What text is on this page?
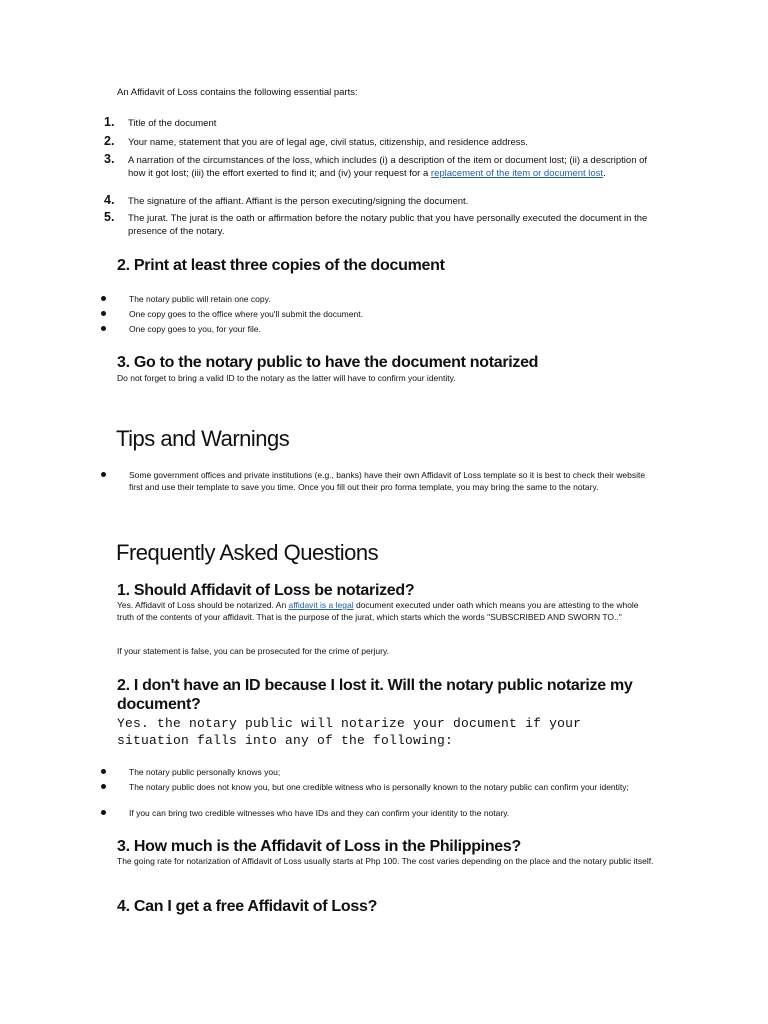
An Affidavit of Loss contains the following essential parts:
1.	Title of the document
2.	Your name, statement that you are of legal age, civil status, citizenship, and residence address.
3.	A narration of the circumstances of the loss, which includes (i) a description of the item or document lost; (ii) a description of how it got lost; (iii) the effort exerted to find it; and (iv) your request for a replacement of the item or document lost.
4.	The signature of the affiant. Affiant is the person executing/signing the document.
5.	The jurat. The jurat is the oath or affirmation before the notary public that you have personally executed the document in the presence of the notary.
2. Print at least three copies of the document
The notary public will retain one copy.
One copy goes to the office where you'll submit the document.
One copy goes to you, for your file.
3. Go to the notary public to have the document notarized
Do not forget to bring a valid ID to the notary as the latter will have to confirm your identity.
Tips and Warnings
Some government offices and private institutions (e.g., banks) have their own Affidavit of Loss template so it is best to check their website first and use their template to save you time. Once you fill out their pro forma template, you may bring the same to the notary.
Frequently Asked Questions
1. Should Affidavit of Loss be notarized?
Yes. Affidavit of Loss should be notarized. An affidavit is a legal document executed under oath which means you are attesting to the whole truth of the contents of your affidavit. That is the purpose of the jurat, which starts which the words "SUBSCRIBED AND SWORN TO.."
If your statement is false, you can be prosecuted for the crime of perjury.
2. I don't have an ID because I lost it. Will the notary public notarize my document?
Yes. the notary public will notarize your document if your situation falls into any of the following:
The notary public personally knows you;
The notary public does not know you, but one credible witness who is personally known to the notary public can confirm your identity;
If you can bring two credible witnesses who have IDs and they can confirm your identity to the notary.
3. How much is the Affidavit of Loss in the Philippines?
The going rate for notarization of Affidavit of Loss usually starts at Php 100. The cost varies depending on the place and the notary public itself.
4. Can I get a free Affidavit of Loss?
